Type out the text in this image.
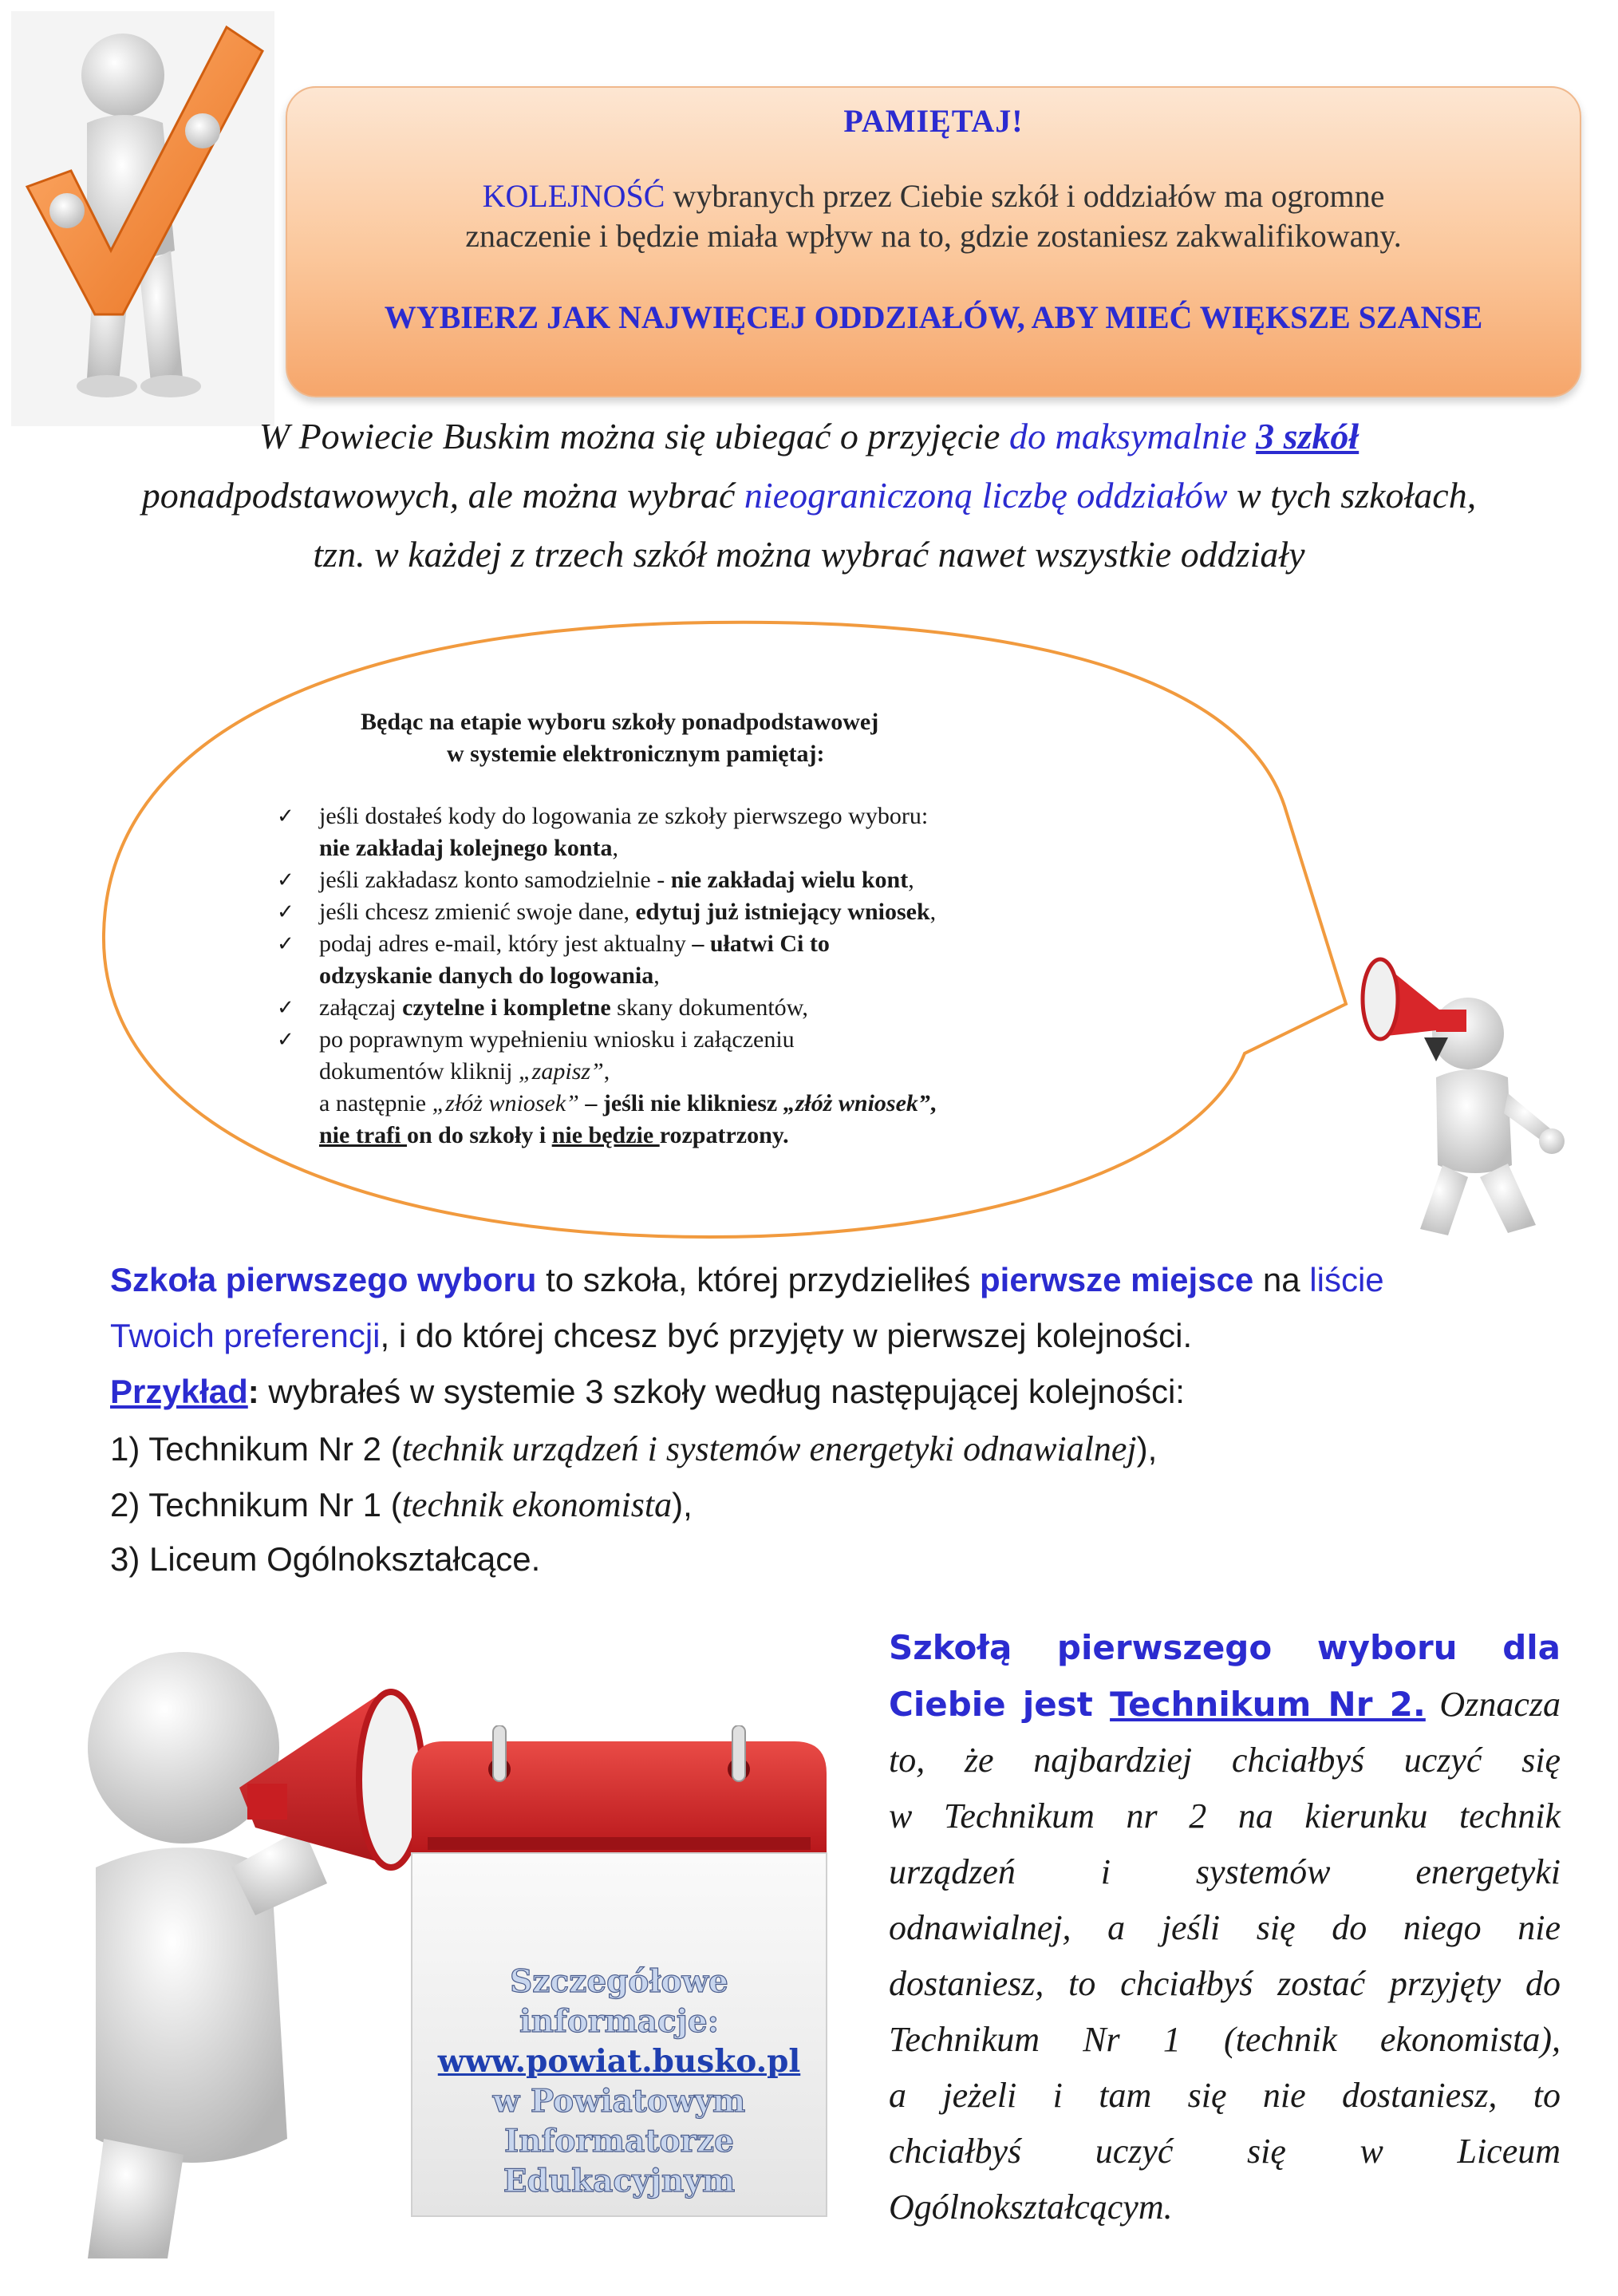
PAMIĘTAJ!
KOLEJNOŚĆ wybranych przez Ciebie szkół i oddziałów ma ogromne
znaczenie i będzie miała wpływ na to, gdzie zostaniesz zakwalifikowany.
WYBIERZ JAK NAJWIĘCEJ ODDZIAŁÓW, ABY MIEĆ WIĘKSZE SZANSE
W Powiecie Buskim można się ubiegać o przyjęcie do maksymalnie 3 szkół
ponadpodstawowych, ale można wybrać nieograniczoną liczbę oddziałów w tych szkołach,
tzn. w każdej z trzech szkół można wybrać nawet wszystkie oddziały
Będąc na etapie wyboru szkoły ponadpodstawowej
w systemie elektronicznym pamiętaj:
✓ jeśli dostałeś kody do logowania ze szkoły pierwszego wyboru:
nie zakładaj kolejnego konta,
✓ jeśli zakładasz konto samodzielnie - nie zakładaj wielu kont,
✓ jeśli chcesz zmienić swoje dane, edytuj już istniejący wniosek,
✓ podaj adres e-mail, który jest aktualny – ułatwi Ci to
odzyskanie danych do logowania,
✓ załączaj czytelne i kompletne skany dokumentów,
✓ po poprawnym wypełnieniu wniosku i załączeniu
dokumentów kliknij „zapisz”,
a następnie „złóż wniosek” – jeśli nie klikniesz „złóż wniosek”,
nie trafi on do szkoły i nie będzie rozpatrzony.
Szkoła pierwszego wyboru to szkoła, której przydzieliłeś pierwsze miejsce na liście
Twoich preferencji, i do której chcesz być przyjęty w pierwszej kolejności.
Przykład: wybrałeś w systemie 3 szkoły według następującej kolejności:
1) Technikum Nr 2 (technik urządzeń i systemów energetyki odnawialnej),
2) Technikum Nr 1 (technik ekonomista),
3) Liceum Ogólnokształcące.
Szkołą pierwszego wyboru dla
Ciebie jest Technikum Nr 2. Oznacza
to, że najbardziej chciałbyś uczyć się
w Technikum nr 2 na kierunku technik
urządzeń i systemów energetyki
odnawialnej, a jeśli się do niego nie
dostaniesz, to chciałbyś zostać przyjęty do
Technikum Nr 1 (technik ekonomista),
a jeżeli i tam się nie dostaniesz, to
chciałbyś uczyć się w Liceum
Ogólnokształcącym.
Szczegółowe
informacje:
www.powiat.busko.pl
w Powiatowym
Informatorze
Edukacyjnym
